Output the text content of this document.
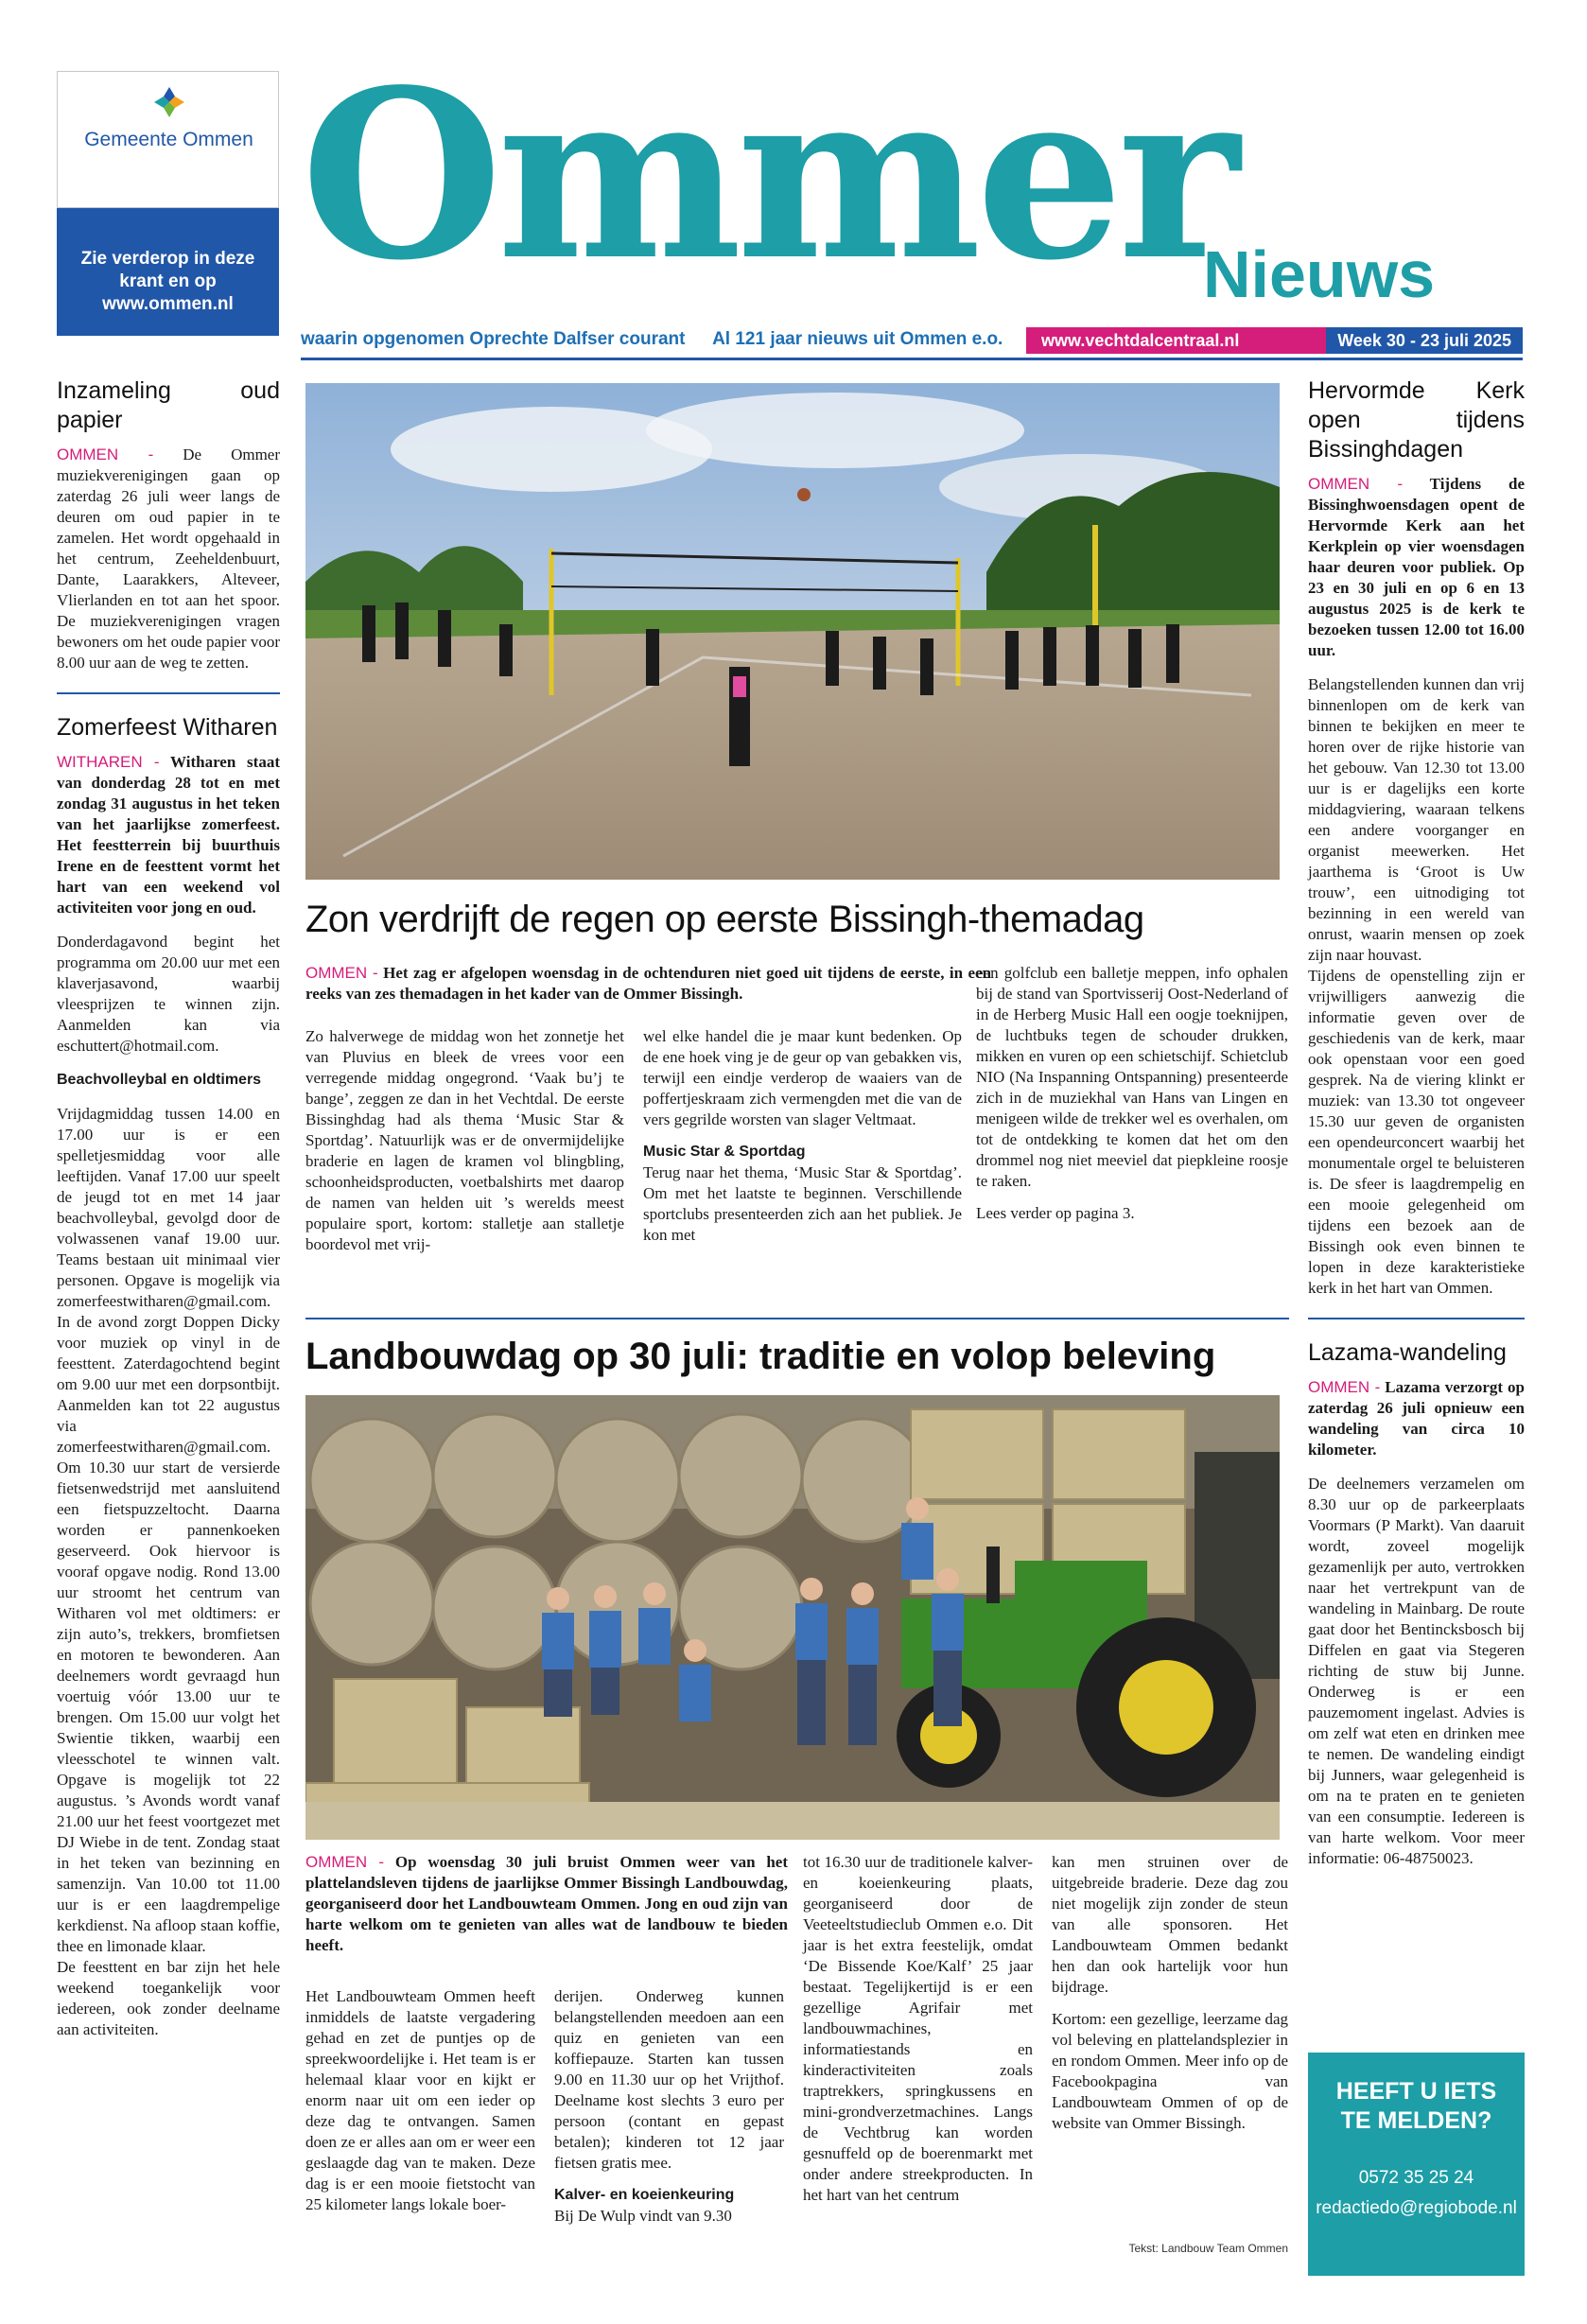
Gemeente Ommen
Zie verderop in deze krant en op www.ommen.nl Ommer
Nieuws
waarin opgenomen Oprechte Dalfser courant Al 121 jaar nieuws uit Ommen e.o.	www.vechtdalcentraal.nl	Week 30 - 23 juli 2025
Inzameling oud papier

OMMEN - De Ommer muziekverenigingen gaan op zaterdag 26 juli weer langs de deuren om oud papier in te zamelen. Het wordt opgehaald in het centrum, Zeeheldenbuurt, Dante, Laarakkers, Alteveer, Vlierlanden en tot aan het spoor. De muziekverenigingen vragen bewoners om het oude papier voor 8.00 uur aan de weg te zetten.

Zomerfeest Witharen

WITHAREN - Witharen staat van donderdag 28 tot en met zondag 31 augustus in het teken van het jaarlijkse zomerfeest. Het feestterrein bij buurthuis Irene en de feesttent vormt het hart van een weekend vol activiteiten voor jong en oud.

Donderdagavond begint het programma om 20.00 uur met een klaverjasavond, waarbij vleesprijzen te winnen zijn. Aanmelden kan via eschuttert@hotmail.com.

Beachvolleybal en oldtimers

Vrijdagmiddag tussen 14.00 en 17.00 uur is er een spelletjesmiddag voor alle leeftijden. Vanaf 17.00 uur speelt de jeugd tot en met 14 jaar beachvolleybal, gevolgd door de volwassenen vanaf 19.00 uur. Teams bestaan uit minimaal vier personen. Opgave is mogelijk via zomerfeestwitharen@gmail.com. In de avond zorgt Doppen Dicky voor muziek op vinyl in de feesttent. Zaterdagochtend begint om 9.00 uur met een dorpsontbijt. Aanmelden kan tot 22 augustus via zomerfeestwitharen@gmail.com. Om 10.30 uur start de versierde fietsenwedstrijd met aansluitend een fietspuzzeltocht. Daarna worden er pannenkoeken geserveerd. Ook hiervoor is vooraf opgave nodig. Rond 13.00 uur stroomt het centrum van Witharen vol met oldtimers: er zijn auto’s, trekkers, bromfietsen en motoren te bewonderen. Aan deelnemers wordt gevraagd hun voertuig vóór 13.00 uur te brengen. Om 15.00 uur volgt het Swientie tikken, waarbij een vleesschotel te winnen valt. Opgave is mogelijk tot 22 augustus. ’s Avonds wordt vanaf 21.00 uur het feest voortgezet met DJ Wiebe in de tent. Zondag staat in het teken van bezinning en samenzijn. Van 10.00 tot 11.00 uur is er een laagdrempelige kerkdienst. Na afloop staan koffie, thee en limonade klaar.

De feesttent en bar zijn het hele weekend toegankelijk voor iedereen, ook zonder deelname aan activiteiten.

Hervormde Kerk open tijdens Bissinghdagen

OMMEN - Tijdens de Bissinghwoensdagen opent de Hervormde Kerk aan het Kerkplein op vier woensdagen haar deuren voor publiek. Op 23 en 30 juli en op 6 en 13 augustus 2025 is de kerk te bezoeken tussen 12.00 tot 16.00 uur.

Belangstellenden kunnen dan vrij binnenlopen om de kerk van binnen te bekijken en meer te horen over de rijke historie van het gebouw. Van 12.30 tot 13.00 uur is er dagelijks een korte middagviering, waaraan telkens een andere voorganger en organist meewerken. Het jaarthema is ‘Groot is Uw trouw’, een uitnodiging tot bezinning in een wereld van onrust, waarin mensen op zoek zijn naar houvast.

Tijdens de openstelling zijn er vrijwilligers aanwezig die informatie geven over de geschiedenis van de kerk, maar ook openstaan voor een goed gesprek. Na de viering klinkt er muziek: van 13.30 tot ongeveer 15.30 uur geven de organisten een opendeurconcert waarbij het monumentale orgel te beluisteren is. De sfeer is laagdrempelig en een mooie gelegenheid om tijdens een bezoek aan de Bissingh ook even binnen te lopen in deze karakteristieke kerk in het hart van Ommen.

Lazama-wandeling

OMMEN - Lazama verzorgt op zaterdag 26 juli opnieuw een wandeling van circa 10 kilometer.

De deelnemers verzamelen om 8.30 uur op de parkeerplaats Voormars (P Markt). Van daaruit wordt, zoveel mogelijk gezamenlijk per auto, vertrokken naar het vertrekpunt van de wandeling in Mainbarg. De route gaat door het Bentincksbosch bij Diffelen en gaat via Stegeren richting de stuw bij Junne. Onderweg is er een pauzemoment ingelast. Advies is om zelf wat eten en drinken mee te nemen. De wandeling eindigt bij Junners, waar gelegenheid is om na te praten en te genieten van een consumptie. Iedereen is van harte welkom. Voor meer informatie: 06-48750023.

HEEFT U IETS TE MELDEN?
0572 35 25 24
redactiedo@regiobode.nl
Zon verdrijft de regen op eerste Bissingh-themadag
OMMEN - Het zag er afgelopen woensdag in de ochtenduren niet goed uit tijdens de eerste, in een reeks van zes themadagen in het kader van de Ommer Bissingh.

Zo halverwege de middag won het zonnetje het van Pluvius en bleek de vrees voor een verregende middag ongegrond. ‘Vaak bu’j te bange’, zeggen ze dan in het Vechtdal. De eerste Bissinghdag had als thema ‘Music Star & Sportdag’. Natuurlijk was er de onvermijdelijke braderie en lagen de kramen vol blingbling, schoonheidsproducten, voetbalshirts met daarop de namen van helden uit ’s werelds meest populaire sport, kortom: stalletje aan stalletje boordevol met vrij-

wel elke handel die je maar kunt bedenken. Op de ene hoek ving je de geur op van gebakken vis, terwijl een eindje verderop de waaiers van de poffertjeskraam zich vermengden met die van de vers gegrilde worsten van slager Veltmaat.

Music Star & Sportdag

Terug naar het thema, ‘Music Star & Sportdag’. Om met het laatste te beginnen. Verschillende sportclubs presenteerden zich aan het publiek. Je kon met

een golfclub een balletje meppen, info ophalen bij de stand van Sportvisserij Oost-Nederland of in de Herberg Music Hall een oogje toeknijpen, de luchtbuks tegen de schouder drukken, mikken en vuren op een schietschijf. Schietclub NIO (Na Inspanning Ontspanning) presenteerde zich in de muziekhal van Hans van Lingen en menigeen wilde de trekker wel es overhalen, om tot de ontdekking te komen dat het om den drommel nog niet meeviel dat piepkleine roosje te raken.

Lees verder op pagina 3.

Landbouwdag op 30 juli: traditie en volop beleving
OMMEN - Op woensdag 30 juli bruist Ommen weer van het plattelandsleven tijdens de jaarlijkse Ommer Bissingh Landbouwdag, georganiseerd door het Landbouwteam Ommen. Jong en oud zijn van harte welkom om te genieten van alles wat de landbouw te bieden heeft.

Het Landbouwteam Ommen heeft inmiddels de laatste vergadering gehad en zet de puntjes op de spreekwoordelijke i. Het team is er helemaal klaar voor en kijkt er enorm naar uit om een ieder op deze dag te ontvangen. Samen doen ze er alles aan om er weer een geslaagde dag van te maken. Deze dag is er een mooie fietstocht van 25 kilometer langs lokale boer-

derijen. Onderweg kunnen belangstellenden meedoen aan een quiz en genieten van een koffiepauze. Starten kan tussen 9.00 en 11.30 uur op het Vrijthof. Deelname kost slechts 3 euro per persoon (contant en gepast betalen); kinderen tot 12 jaar fietsen gratis mee.

Kalver- en koeienkeuring

Bij De Wulp vindt van 9.30

tot 16.30 uur de traditionele kalver- en koeienkeuring plaats, georganiseerd door de Veeteeltstudieclub Ommen e.o. Dit jaar is het extra feestelijk, omdat ‘De Bissende Koe/Kalf’ 25 jaar bestaat. Tegelijkertijd is er een gezellige Agrifair met landbouwmachines, informatiestands en kinderactiviteiten zoals traptrekkers, springkussens en mini-grondverzetmachines. Langs de Vechtbrug kan worden gesnuffeld op de boerenmarkt met onder andere streekproducten. In het hart van het centrum

kan men struinen over de uitgebreide braderie. Deze dag zou niet mogelijk zijn zonder de steun van alle sponsoren. Het Landbouwteam Ommen bedankt hen dan ook hartelijk voor hun bijdrage.

Kortom: een gezellige, leerzame dag vol beleving en plattelandsplezier in en rondom Ommen. Meer info op de Facebookpagina van Landbouwteam Ommen of op de website van Ommer Bissingh.

Tekst: Landbouw Team Ommen
